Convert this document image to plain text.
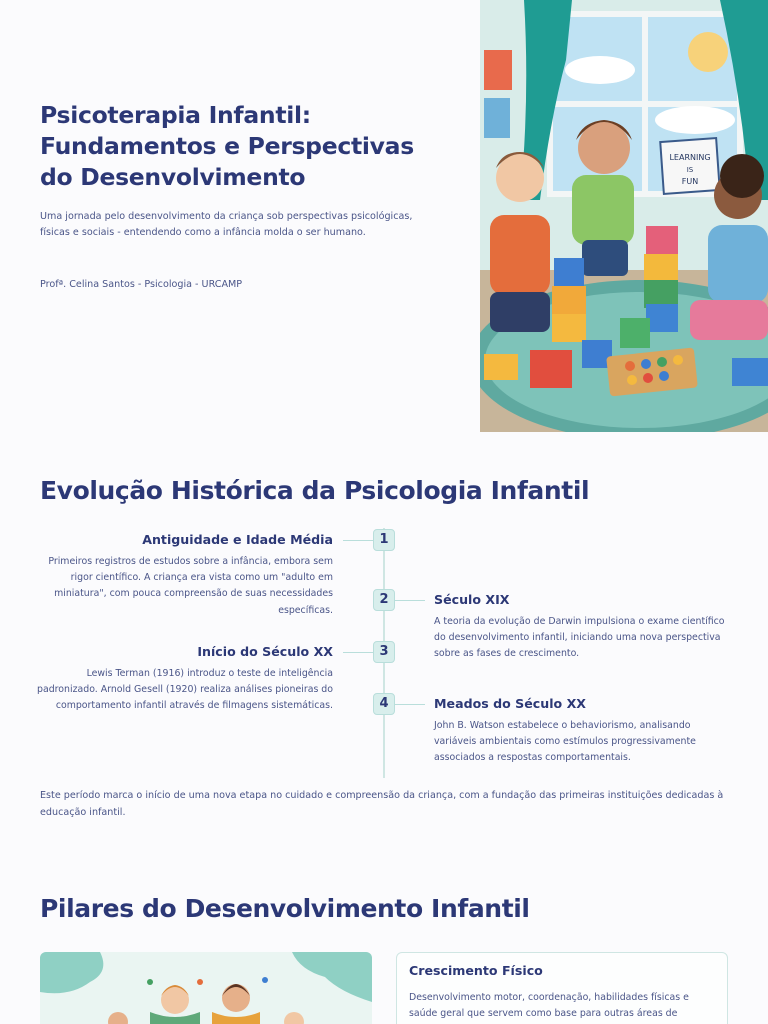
Psicoterapia Infantil: Fundamentos e Perspectivas do Desenvolvimento

Uma jornada pelo desenvolvimento da criança sob perspectivas psicológicas, físicas e sociais - entendendo como a infância molda o ser humano.

Profª. Celina Santos - Psicologia - URCAMP

LEARNING
IS
FUN
Evolução Histórica da Psicologia Infantil
1
Antiguidade e Idade Média
Primeiros registros de estudos sobre a infância, embora sem rigor científico. A criança era vista como um "adulto em miniatura", com pouca compreensão de suas necessidades específicas.
2	Século XIX
A teoria da evolução de Darwin impulsiona o exame científico do desenvolvimento infantil, iniciando uma nova perspectiva sobre as fases de crescimento.
3
Início do Século XX
Lewis Terman (1916) introduz o teste de inteligência padronizado. Arnold Gesell (1920) realiza análises pioneiras do comportamento infantil através de filmagens sistemáticas.	4	Meados do Século XX
John B. Watson estabelece o behaviorismo, analisando variáveis ambientais como estímulos progressivamente associados a respostas comportamentais.

Este período marca o início de uma nova etapa no cuidado e compreensão da criança, com a fundação das primeiras instituições dedicadas à educação infantil.

Pilares do Desenvolvimento Infantil
Crescimento Físico
Desenvolvimento motor, coordenação, habilidades físicas e saúde geral que servem como base para outras áreas de
